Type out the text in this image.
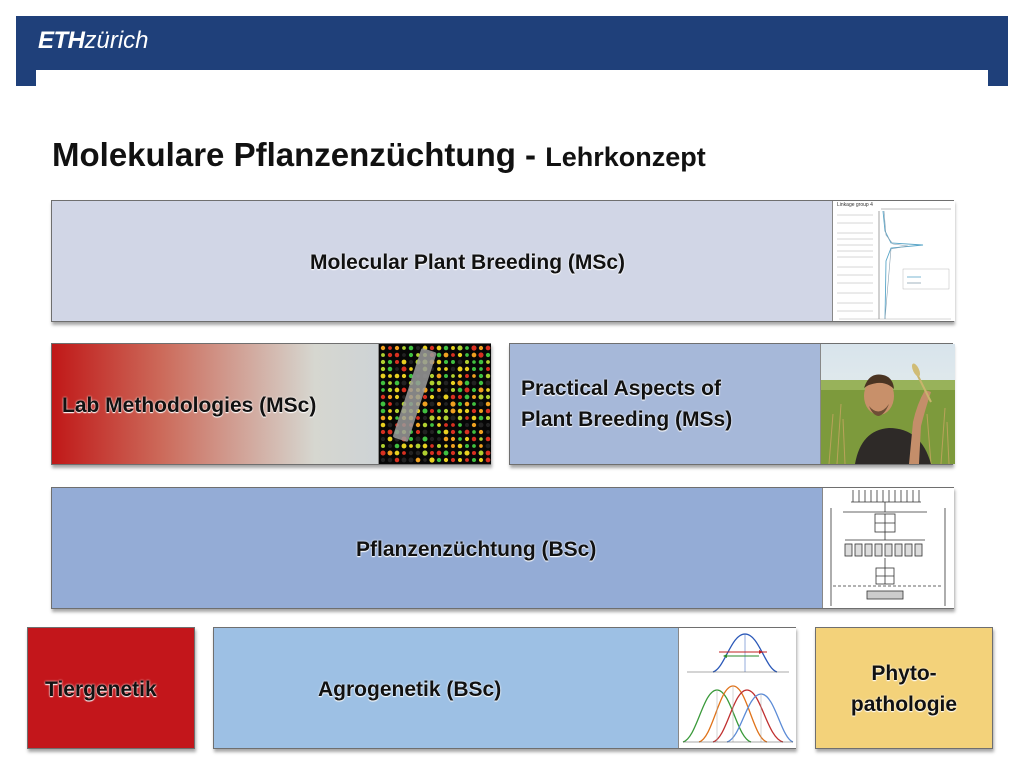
ETHzürich
Molekulare Pflanzenzüchtung - Lehrkonzept
Molecular Plant Breeding (MSc)
Linkage group 4
Lab Methodologies (MSc)
Practical Aspects of
Plant Breeding (MSs)
Pflanzenzüchtung (BSc)
Tiergenetik	Agrogenetik (BSc)
Phyto-
pathologie
